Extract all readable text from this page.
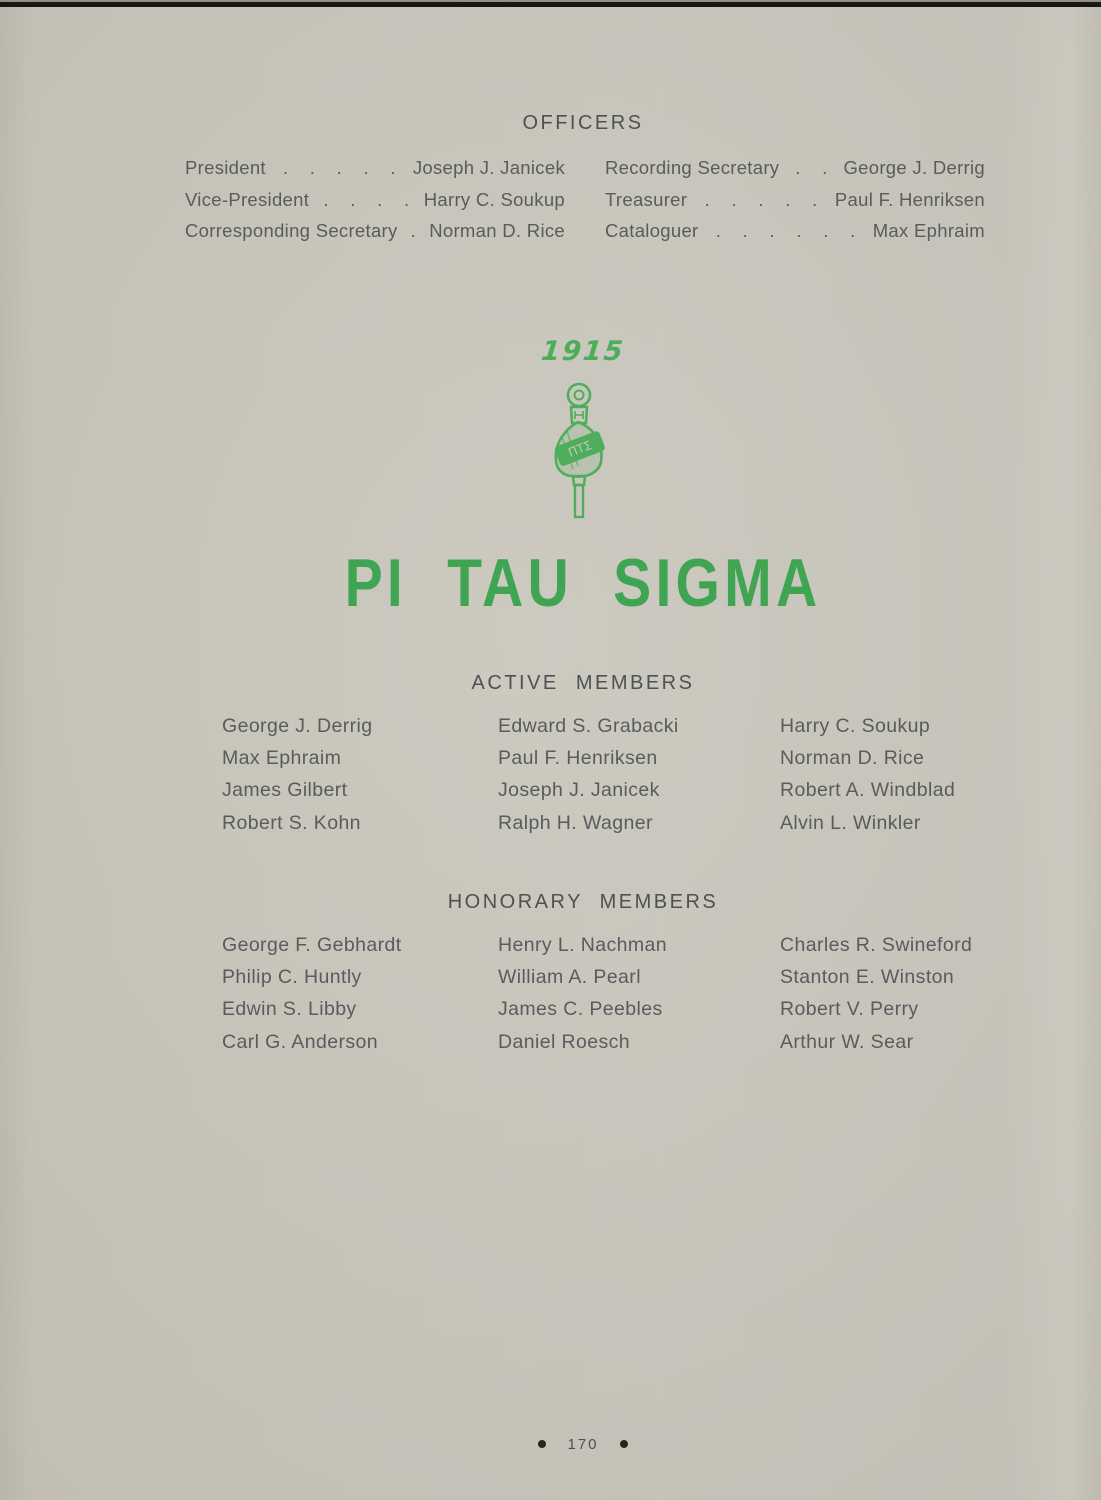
OFFICERS
President . . . . . Joseph J. Janicek
Vice-President . . . . Harry C. Soukup
Corresponding Secretary . Norman D. Rice
Recording Secretary . . George J. Derrig
Treasurer . . . . . Paul F. Henriksen
Cataloguer . . . . . . Max Ephraim
1915
ΠΤΣ
PI TAU SIGMA
ACTIVE MEMBERS
George J. Derrig
Max Ephraim
James Gilbert
Robert S. Kohn
Edward S. Grabacki
Paul F. Henriksen
Joseph J. Janicek
Ralph H. Wagner
Harry C. Soukup
Norman D. Rice
Robert A. Windblad
Alvin L. Winkler
HONORARY MEMBERS
George F. Gebhardt
Philip C. Huntly
Edwin S. Libby
Carl G. Anderson
Henry L. Nachman
William A. Pearl
James C. Peebles
Daniel Roesch
Charles R. Swineford
Stanton E. Winston
Robert V. Perry
Arthur W. Sear
170
